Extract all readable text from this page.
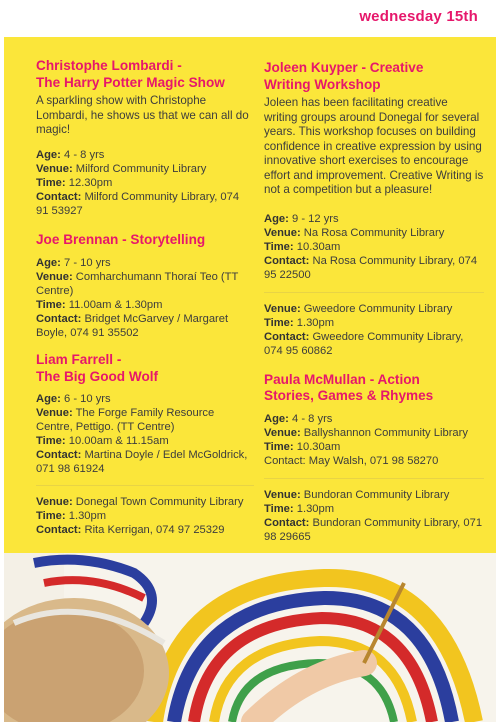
wednesday 15th
Christophe Lombardi -
The Harry Potter Magic Show
A sparkling show with Christophe Lombardi, he shows us that we can all do magic!
Age: 4 - 8 yrs
Venue: Milford Community Library
Time: 12.30pm
Contact: Milford Community Library, 074 91 53927
Joe Brennan - Storytelling
Age: 7 - 10 yrs
Venue: Comharchumann Thoraí Teo (TT Centre)
Time: 11.00am & 1.30pm
Contact: Bridget McGarvey / Margaret Boyle, 074 91 35502
Liam Farrell -
The Big Good Wolf
Age: 6 - 10 yrs
Venue: The Forge Family Resource Centre, Pettigo. (TT Centre)
Time: 10.00am & 11.15am
Contact: Martina Doyle / Edel McGoldrick, 071 98 61924
Venue: Donegal Town Community Library
Time: 1.30pm
Contact: Rita Kerrigan, 074 97 25329
Joleen Kuyper - Creative
Writing Workshop
Joleen has been facilitating creative writing groups around Donegal for several years. This workshop focuses on building confidence in creative expression by using innovative short exercises to encourage effort and improvement. Creative Writing is not a competition but a pleasure!
Age: 9 - 12 yrs
Venue: Na Rosa Community Library
Time: 10.30am
Contact: Na Rosa Community Library, 074 95 22500
Venue: Gweedore Community Library
Time: 1.30pm
Contact: Gweedore Community Library, 074 95 60862
Paula McMullan - Action
Stories, Games & Rhymes
Age: 4 - 8 yrs
Venue: Ballyshannon Community Library
Time: 10.30am
Contact: May Walsh, 071 98 58270
Venue: Bundoran Community Library
Time: 1.30pm
Contact: Bundoran Community Library, 071 98 29665
